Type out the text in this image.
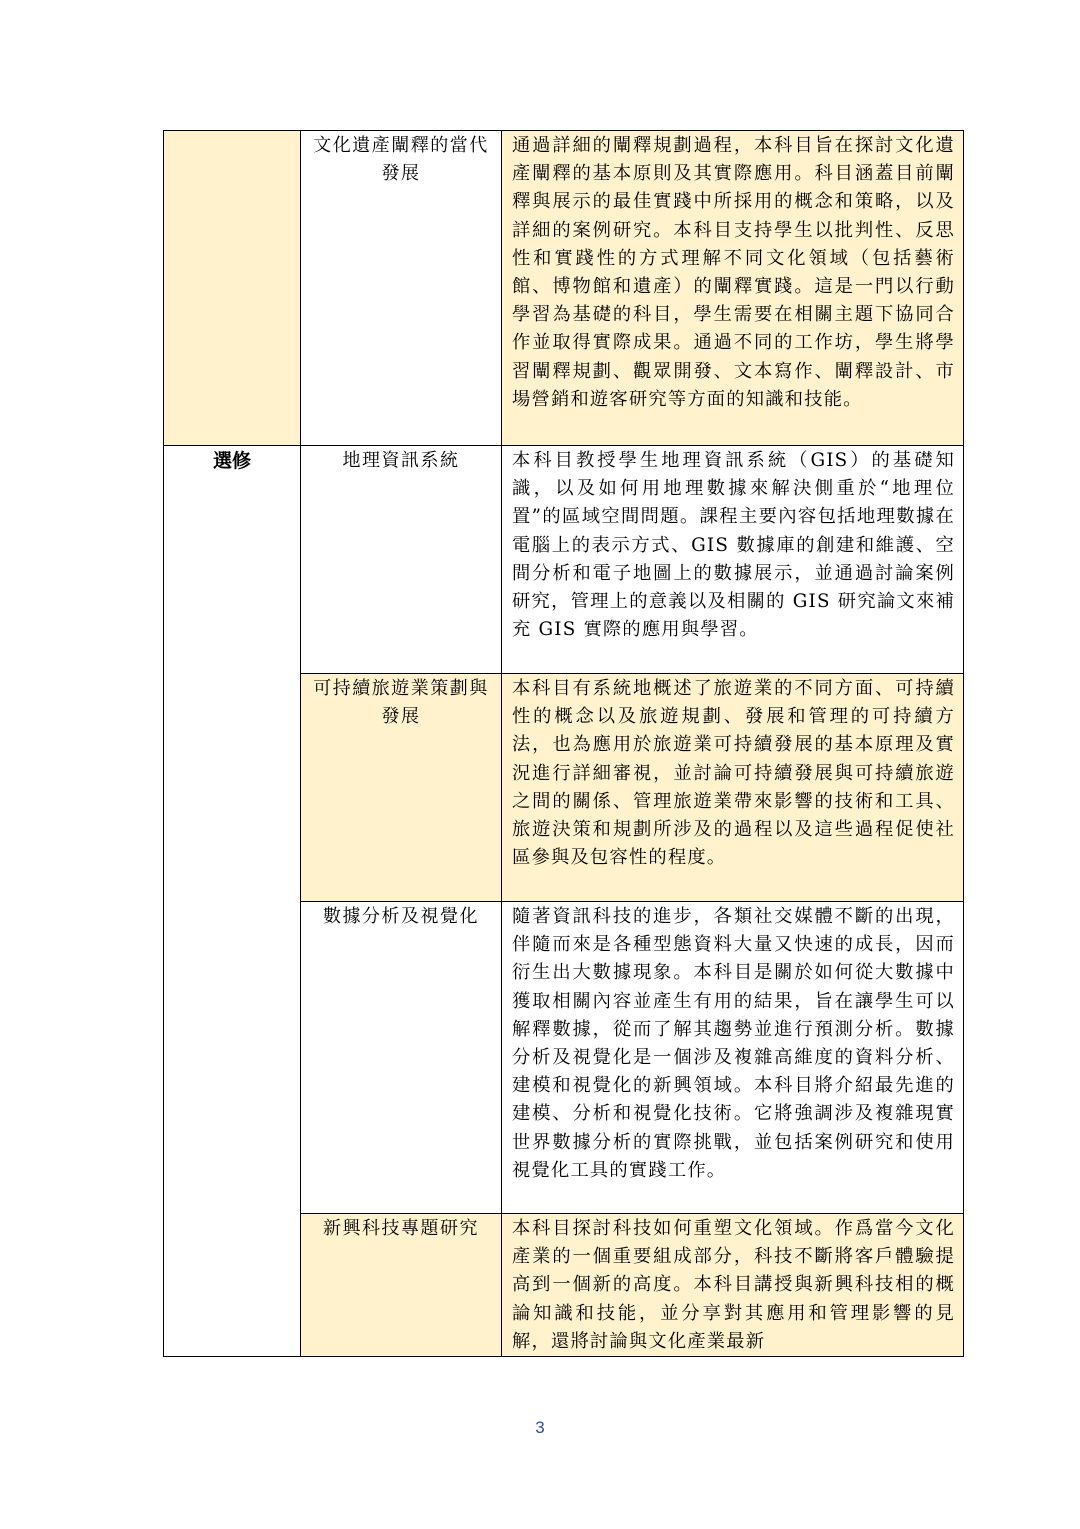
	文化遺產闡釋的當代發展	通過詳細的闡釋規劃過程，本科目旨在探討文化遺產闡釋的基本原則及其實際應用。科目涵蓋目前闡釋與展示的最佳實踐中所採用的概念和策略，以及詳細的案例研究。本科目支持學生以批判性、反思性和實踐性的方式理解不同文化領域（包括藝術館、博物館和遺產）的闡釋實踐。這是一門以行動學習為基礎的科目，學生需要在相關主題下協同合作並取得實際成果。通過不同的工作坊，學生將學習闡釋規劃、觀眾開發、文本寫作、闡釋設計、市場營銷和遊客研究等方面的知識和技能。
選修	地理資訊系統	本科目教授學生地理資訊系統（GIS）的基礎知識，以及如何用地理數據來解決側重於“地理位置”的區域空間問題。課程主要內容包括地理數據在電腦上的表示方式、GIS 數據庫的創建和維護、空間分析和電子地圖上的數據展示，並通過討論案例研究，管理上的意義以及相關的 GIS 研究論文來補充 GIS 實際的應用與學習。
	可持續旅遊業策劃與發展	本科目有系統地概述了旅遊業的不同方面、可持續性的概念以及旅遊規劃、發展和管理的可持續方法，也為應用於旅遊業可持續發展的基本原理及實況進行詳細審視，並討論可持續發展與可持續旅遊之間的關係、管理旅遊業帶來影響的技術和工具、旅遊決策和規劃所涉及的過程以及這些過程促使社區參與及包容性的程度。
	數據分析及視覺化	隨著資訊科技的進步，各類社交媒體不斷的出現，伴隨而來是各種型態資料大量又快速的成長，因而衍生出大數據現象。本科目是關於如何從大數據中獲取相關內容並產生有用的結果，旨在讓學生可以解釋數據，從而了解其趨勢並進行預測分析。數據分析及視覺化是一個涉及複雜高維度的資料分析、建模和視覺化的新興領域。本科目將介紹最先進的建模、分析和視覺化技術。它將強調涉及複雜現實世界數據分析的實際挑戰，並包括案例研究和使用視覺化工具的實踐工作。
	新興科技專題研究	本科目探討科技如何重塑文化領域。作爲當今文化產業的一個重要組成部分，科技不斷將客戶體驗提高到一個新的高度。本科目講授與新興科技相的概論知識和技能，並分享對其應用和管理影響的見解，還將討論與文化產業最新
3
